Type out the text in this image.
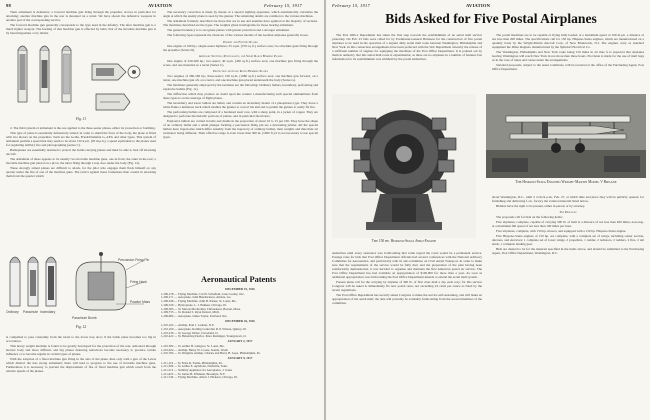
98	AVIATION	February 15, 1917

Their armament is defensive; a forward machine gun firing through the propeller, arrows in particular for attacking; another machine gun in the rear is mounted on a turret. We have shown the defensive weapons in another part of the corresponding service.

The forward machine gun generally corresponds to the type used in the infantry. The after machine gun is a much lighter weapon. The feeding of that machine gun is effected by belts; that of the movable machine gun is by band magazines or by drums.

Fig. 11

2. The third system of armament is the one applied to the three-seater planes, either for protection or bombing.

This type of plane is essentially defensively armed; in order to shield the front of the body, the plane is fitted with two motors on the propellers. Such are the Gotha, Friedrichshafen G, AEG and other types. This system of armament permits a speed that may seem to be about 150 k.p.h. (95 m.p.h.), a speed equivalent to the planes used for regulating artillery fire and photographing (series C).

Battleplanes are essentially destined to protect the bomb-carrying planes and must be able to beat off attacking aircraft.

The armament of these appears to be usually two movable machine guns, one in front, the other in the rear; a movable machine gun placed on a pivot, the latter firing through a trap door under the body (Fig. 12).

These strongly armed planes are difficult to attack, for the pilot who engages them finds himself on any quarter under the fire of one of the machine guns. The tactics against these formations then consist in attacking them from the quarter which

Ordinary Parachute Incendiary
Parachute Bomb
Percussion Firing Pin
Firing Hook
Powder Mass
Fig. 12

is compelled to pass constantly from the turret to the lower trap door; if the battle plane becomes too big in accordance.

This heavy weight machine is found to be greatly developed for the protection of the rear, armoured through heavier body and more difficult, and big planes featuring reductions become necessary to produce certain influence or to become regular in certain types of planes.

With the adoption of a fixed machine gun firing in the axis of the plane, then only with a gun of the Lewis which distinct the less strong armament; there will tend to progress to the use of movable machine guns. Furthermore it is necessary to prevent the displacement of fire of fixed machine gun which result from the relative speeds of the planes.

The necessary correction is made by means of a special sighting apparatus, which automatically calculates the angle at which the enemy plane is seen by the gunner. The remaining details are common to the various machines.

The armament formerly described are those that are in use and enemies have applied on the majority of sections. The machines described are the types. The weights given in kilograms for those bearing armament.

The general tendency is to recognize planes with greater protection and a stronger armament.

The following types represent the character of the various models of the German airplanes generally in use.

Pursuit and Fighting Planes

One engine of 160 hp.; single-seater biplanes; 35 sq.m. (376 sq. ft.) surface area; two machine guns firing through the propeller (Series D).

Artillery Spotting, Photography, and Short Range Bombing Planes

One engine of 220-260 hp.; two-seater; 40 sq.m. (430 sq.ft.) surface area; one machine gun firing through the screw, and one mounted on a turret (Series C).

Protection and Long Range Bombing Planes

Two engines of 260-160 hp.; three-seater; 100 sq.m. (1080 sq.ft.) surface area; one machine gun forward, on a turret, one machine gun aft, on a turret, and one machine gun placed underneath the body (Series G).

The machines generally employed by the Germans are the following: Ordinary bullets, incendiary, perforating and explosive bullets (Fig. 11).

The diffraction which may produce no doubt upon the counter a manufacturing such special ammunitions from these types is on the steerage of flight planes.

The incendiary and tracer bullets are bullet, and contain an incendiary matter of a phosphorus type. They leave a white flame a luminous track which enables the gunner to correct his aim and to permit the gunner to easily fix fire.

The perforating bullets are composed of a hardened steel core, with a sharp point, in a jacket of copper. They are designed to perforate the metallic portions of planes, and in particular the motors.

Explosive bullets are carried in belts and drums in the proportion of about 10 to 15 per 100. They have the shape of an ordinary bullet and a small plunger forming a percussion firing pin are a detonating primer. All the special bullets have trajectories which differ sensibly from the trajectory of ordinary bullets, their weights and thus their air resistance being different. Their effective range is even lower than 300 m. (1000 ft.) it is not necessary to use special types.

Aeronautical Patents
DECEMBER 19, 1916
1,209,158 — Flying Machine. Carl P. Schofield, Lane County, Ore.
1,209,171 — Aeroplane. John Hendrickson, Atlanta, Ga.
1,209,348 — Flying Machine. John B. Parker, St. Louis, Mo.
1,209,530 — Hydroplane. L. J. Bakken, Chicago, Ill.
1,209,583 — To Mooreville Rodney Christenson, Boston, Mass.
1,209,733 — To Roland S. Ryan Detroit, Mich.
1,209,984 — Aeroplane. James Taylor, Portland, Ore.
DECEMBER 26, 1916
1,210,102 — Airship. Paul J. Laderer, N.Y.
1,210,160 — Aeroplane. Rolling Controller R. P. Wilson, Quincy, Ill.
1,210,230 — To George Weber, Cleveland, O.
1,210,422 — To Balancing Device. Peter Rominger, Youngstown, O.
JANUARY 2, 1917
1,210,582 — To Arthur H. Glasgow, St. Louis, Mo.
1,210,624 — Airship. Henry W. Coons, Seattle, Wash.
1,210,784 — To Dirigible Airship. Charles and Harry H. Lupe, Philadelphia, Pa.
JANUARY 9, 1917
1,211,116 — To Ernst R. Fadde, Philadelphia, Pa.
1,211,390 — To Arthur E. Aydelotte, Nashville, Tenn.
1,211,512 — Stability Appliance for Aeroplanes. J. Jones
1,211,623 — To James H. Pflannen, Brooklyn, N.Y.
1,211,740 — Flying Machine. Albert J. Hickson, Chicago, Ill.
February 15, 1917	AVIATION

The Post Office Department has taken the first step towards the establishment of an aerial mail service yesterday. On Feb. 23 bids were called for by Postmaster-General Burleson for the construction of five postal airplanes to be used in the operation of a regular daily aerial mail route between Washington, Philadelphia and New York. In this connection arrangements have been perfected with the War Department whereby the release of a sufficient number of engines for equipping the machines of the Post Office Department. It is pointed out by them in authority that this aerial mail route is experimental, as there are no airplanes in a number of features fast information for its establishment was withheld by the postal authorities.

The postal machines are to be capable of flying fully loaded, at a maximum speed of 100 m.p.h. a distance of not less than 200 miles. The specifications call for 150 hp. Hispano-Suiza engines, which are manufactured on a quantity basis by the Wright-Martin Aircraft Corp. of New Brunswick, N.J. The engines carry as standard equipment the Dixie magneto manufactured by the Splitdorf Electrical Co.

The Washington, Philadelphia and New York route being 150 miles in air line; it is expected that airplanes leaving Washington will reach New York in not more than three hours. Provision is made for the use of mail bags as in the case of trains and routes under the arrangements.

Standard proposals, subject to the usual conditions, will be received at the office of the Purchasing Agent, Post Office Department.

The 150 hp. Hispano-Suiza Aero-Engine
The Hispano-Suiza Engined Wright-Martin Model V Biplane

authorities until every assurance was forthcoming that some regard the route would be a permanent service. Postage rates for bids that Post Office Department officials had several conferences with the National Advisory Committee for Aeronautics, and particularly with its sub-committee on Civil Aerial Transport, in order to make sure that the requirements of the service would be fully met; and the preparation of the plan having been satisfactorily demonstrated, it was decided to organize and maintain the first American postal air service. The Post Office Department has had available an appropriation of $100,000 for more than a year. As soon as additional appropriation was forthcoming the Post Office Department intends to extend the aerial mail system.

Present plans call for the carrying by airplane of 300 lb. of first class mail a day each way; for this service Congress will be asked to immediately fix new postal rates, not exceeding 24 cents per ounce as fixed by the recent regulations.

The Post Office Department has secretly asked Congress to make the service self-sustaining, and will make an appropriation of the aerial mail; the data will probably be evidently forthcoming from the several members of the committee.

about Washington, D.C., until 2 o'clock p.m., Feb. 27, at which time and place they will be publicly opened, for furnishing and delivering f.o.b. factory the aviation material listed below.

Bidders have the right to be present, either in person or by attorney.

The Proposals

The proposals call for bids on the following items:

Five airplanes, complete, capable of carrying 300 lb. of mail at a distance of not less than 200 miles, non-stop, at a maximum full speed of not less than 100 miles per hour.

Five airplanes, complete, with 150 hp. motors, and equipped with a 150 hp. Hispano-Suiza engine.

Five Hispano-Suiza engines of 150 hp. are complete, with a complete set of wings, including center section, ailerons, and elevators; 1 complete set of lower wings, 2 propellers, 1 rudder, 2 radiators, 2 rudders, 2 fins, 2 tail skids, 1 complete landing gear.

Bids are desired to be for the material specified in the items above, and should be submitted to the Purchasing Agent, Post Office Department, Washington, D.C.

Bids Asked for Five Postal Airplanes
